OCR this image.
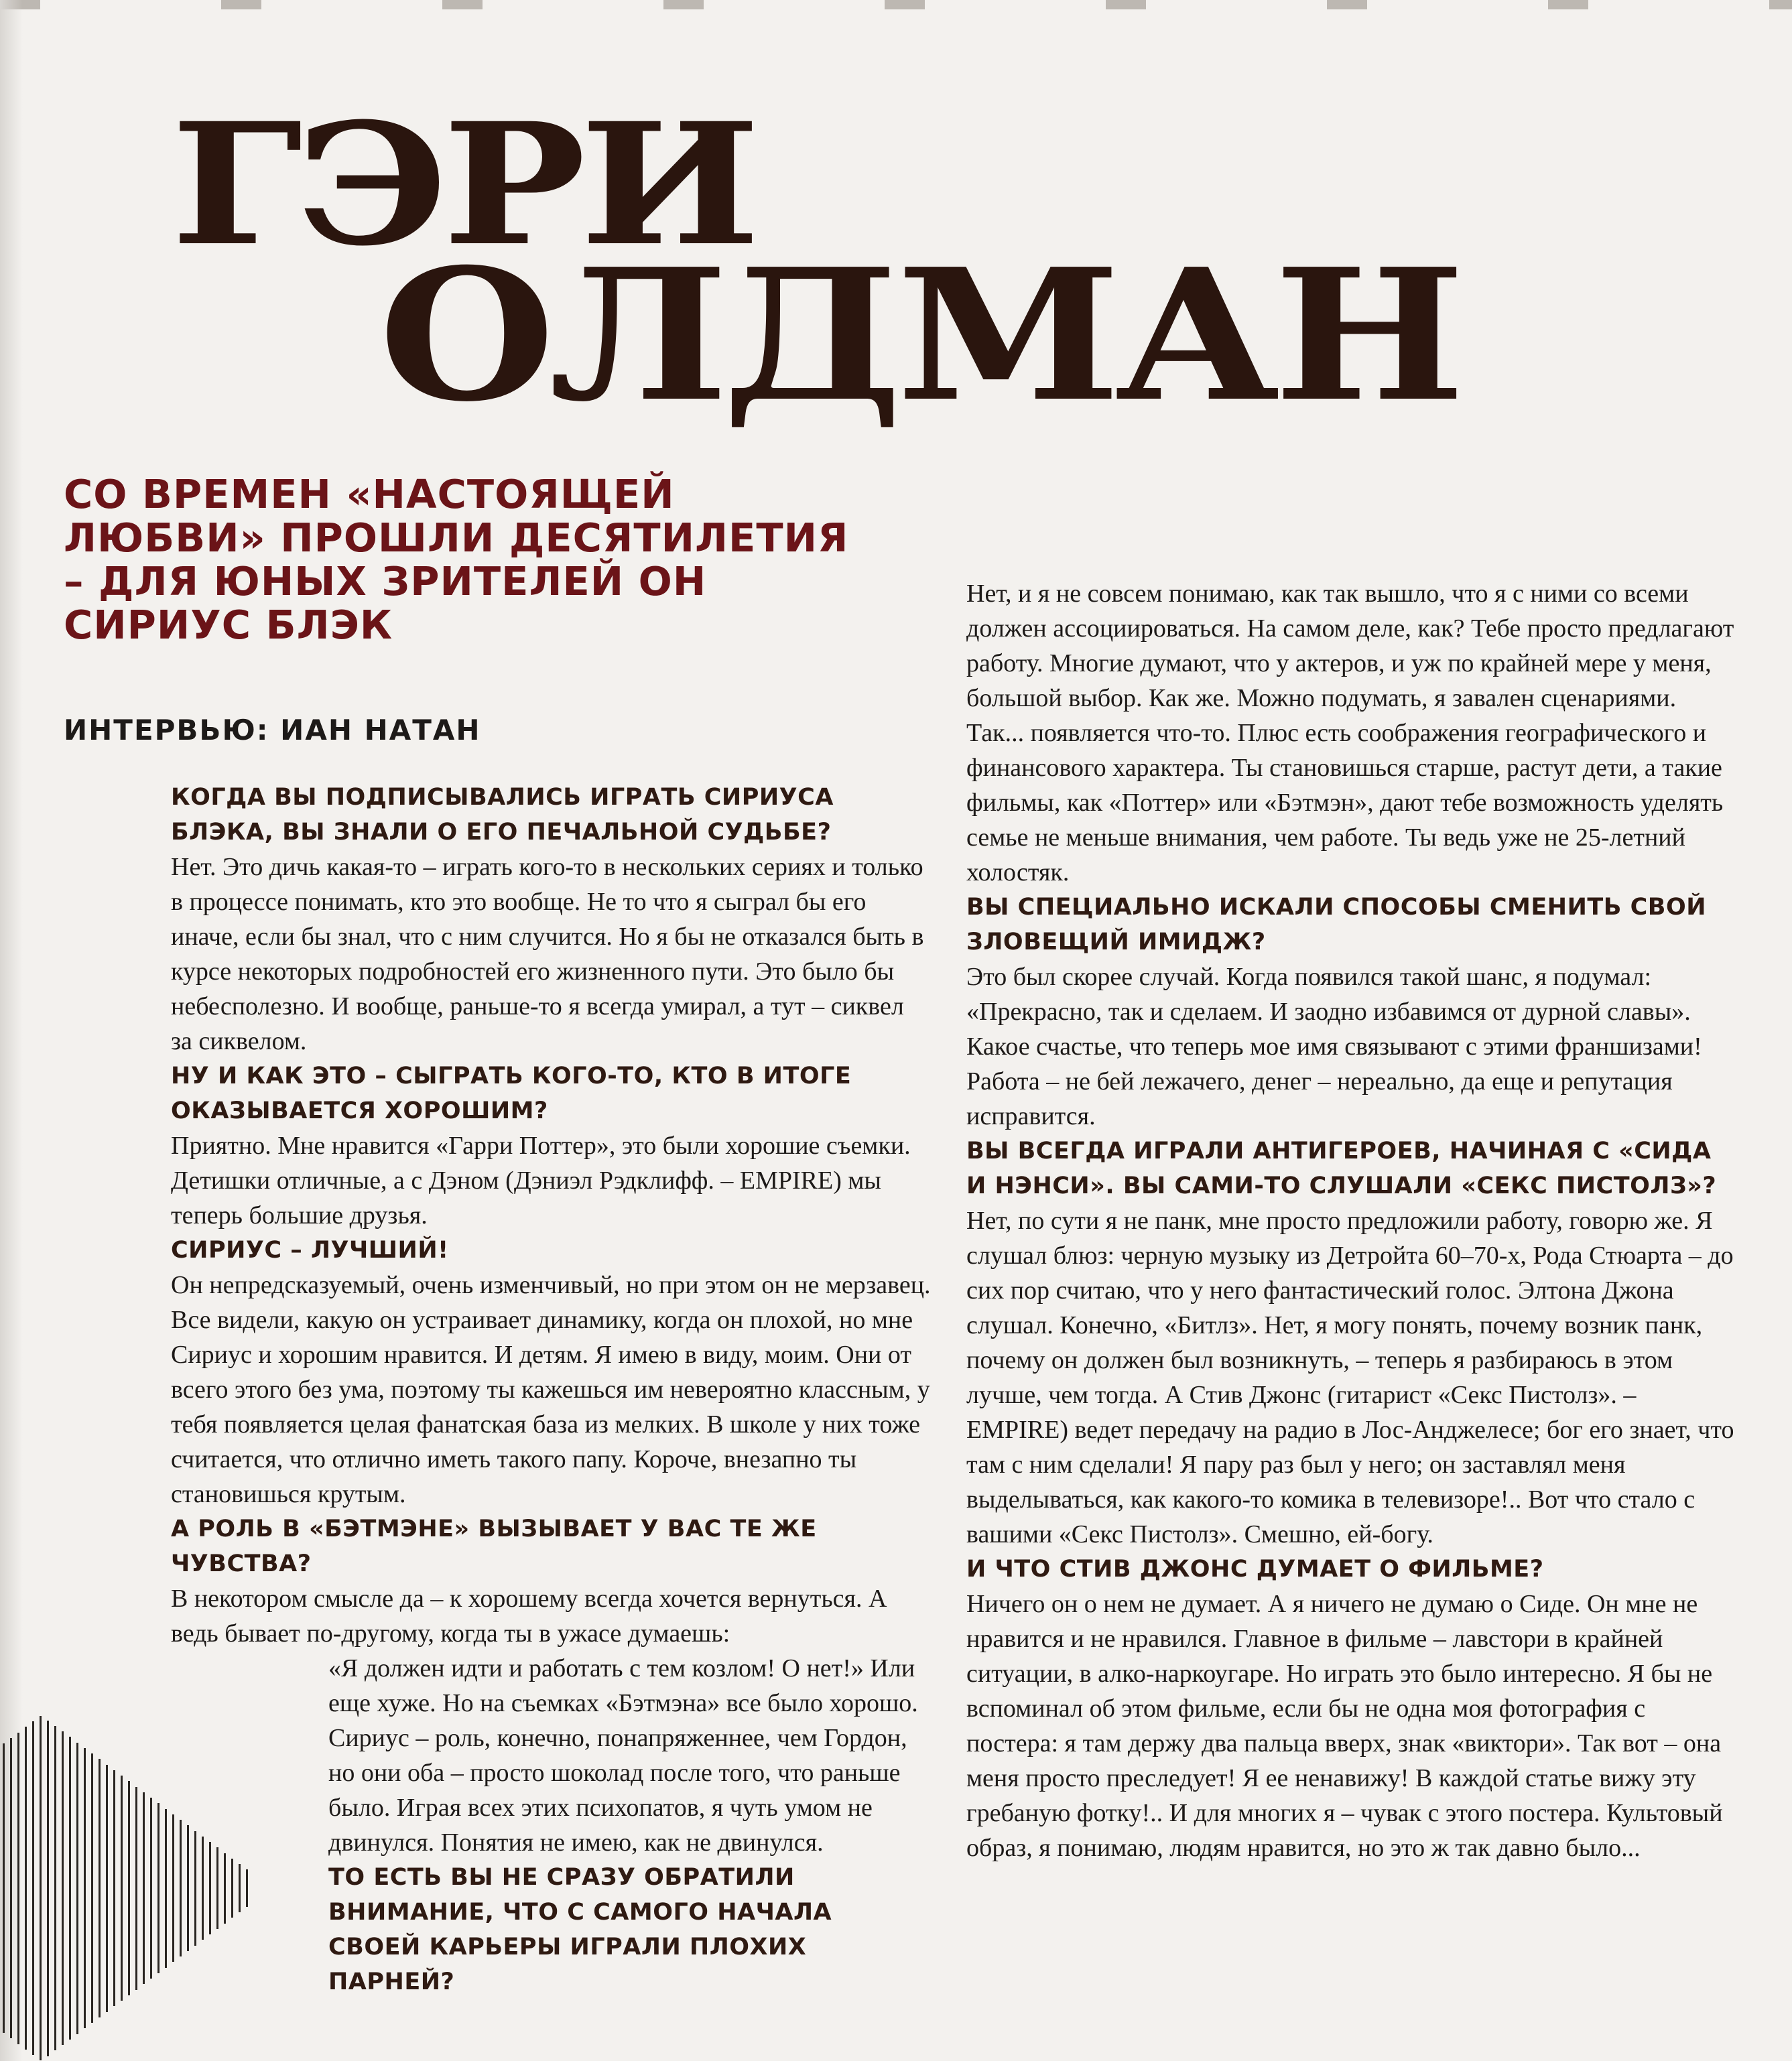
ГЭРИ
ОЛДМАН
СО ВРЕМЕН «НАСТОЯЩЕЙ ЛЮБВИ» ПРОШЛИ ДЕСЯТИЛЕТИЯ – ДЛЯ ЮНЫХ ЗРИТЕЛЕЙ ОН СИРИУС БЛЭК

ИНТЕРВЬЮ: ИАН НАТАН

КОГДА ВЫ ПОДПИСЫВАЛИСЬ ИГРАТЬ СИРИУСА БЛЭКА, ВЫ ЗНАЛИ О ЕГО ПЕЧАЛЬНОЙ СУДЬБЕ?

Нет. Это дичь какая-то – играть кого-то в нескольких сериях и только в процессе понимать, кто это вообще. Не то что я сыграл бы его иначе, если бы знал, что с ним случится. Но я бы не отказался быть в курсе некоторых подробностей его жизненного пути. Это было бы небесполезно. И вообще, раньше-то я всегда умирал, а тут – сиквел за сиквелом.

НУ И КАК ЭТО – СЫГРАТЬ КОГО-ТО, КТО В ИТОГЕ ОКАЗЫВАЕТСЯ ХОРОШИМ?

Приятно. Мне нравится «Гарри Поттер», это были хорошие съемки. Детишки отличные, а с Дэном (Дэниэл Рэдклифф. – EMPIRE) мы теперь большие друзья.

СИРИУС – ЛУЧШИЙ!

Он непредсказуемый, очень изменчивый, но при этом он не мерзавец. Все видели, какую он устраивает динамику, когда он плохой, но мне Сириус и хорошим нравится. И детям. Я имею в виду, моим. Они от всего этого без ума, поэтому ты кажешься им невероятно классным, у тебя появляется целая фанатская база из мелких. В школе у них тоже считается, что отлично иметь такого папу. Короче, внезапно ты становишься крутым.

А РОЛЬ В «БЭТМЭНЕ» ВЫЗЫВАЕТ У ВАС ТЕ ЖЕ ЧУВСТВА?

В некотором смысле да – к хорошему всегда хочется вернуться. А ведь бывает по-другому, когда ты в ужасе думаешь:

«Я должен идти и работать с тем козлом! О нет!» Или еще хуже. Но на съемках «Бэтмэна» все было хорошо. Сириус – роль, конечно, понапряженнее, чем Гордон, но они оба – просто шоколад после того, что раньше было. Играя всех этих психопатов, я чуть умом не двинулся. Понятия не имею, как не двинулся.

ТО ЕСТЬ ВЫ НЕ СРАЗУ ОБРАТИЛИ ВНИМАНИЕ, ЧТО С САМОГО НАЧАЛА СВОЕЙ КАРЬЕРЫ ИГРАЛИ ПЛОХИХ ПАРНЕЙ?

Нет, и я не совсем понимаю, как так вышло, что я с ними со всеми должен ассоциироваться. На самом деле, как? Тебе просто предлагают работу. Многие думают, что у актеров, и уж по крайней мере у меня, большой выбор. Как же. Можно подумать, я завален сценариями. Так... появляется что-то. Плюс есть соображения географического и финансового характера. Ты становишься старше, растут дети, а такие фильмы, как «Поттер» или «Бэтмэн», дают тебе возможность уделять семье не меньше внимания, чем работе. Ты ведь уже не 25-летний холостяк.

ВЫ СПЕЦИАЛЬНО ИСКАЛИ СПОСОБЫ СМЕНИТЬ СВОЙ ЗЛОВЕЩИЙ ИМИДЖ?

Это был скорее случай. Когда появился такой шанс, я подумал: «Прекрасно, так и сделаем. И заодно избавимся от дурной славы». Какое счастье, что теперь мое имя связывают с этими франшизами! Работа – не бей лежачего, денег – нереально, да еще и репутация исправится.

ВЫ ВСЕГДА ИГРАЛИ АНТИГЕРОЕВ, НАЧИНАЯ С «СИДА И НЭНСИ». ВЫ САМИ-ТО СЛУШАЛИ «СЕКС ПИСТОЛЗ»?

Нет, по сути я не панк, мне просто предложили работу, говорю же. Я слушал блюз: черную музыку из Детройта 60–70-х, Рода Стюарта – до сих пор считаю, что у него фантастический голос. Элтона Джона слушал. Конечно, «Битлз». Нет, я могу понять, почему возник панк, почему он должен был возникнуть, – теперь я разбираюсь в этом лучше, чем тогда. А Стив Джонс (гитарист «Секс Пистолз». – EMPIRE) ведет передачу на радио в Лос-Анджелесе; бог его знает, что там с ним сделали! Я пару раз был у него; он заставлял меня выделываться, как какого-то комика в телевизоре!.. Вот что стало с вашими «Секс Пистолз». Смешно, ей-богу.

И ЧТО СТИВ ДЖОНС ДУМАЕТ О ФИЛЬМЕ?

Ничего он о нем не думает. А я ничего не думаю о Сиде. Он мне не нравится и не нравился. Главное в фильме – лавстори в крайней ситуации, в алко-наркоугаре. Но играть это было интересно. Я бы не вспоминал об этом фильме, если бы не одна моя фотография с постера: я там держу два пальца вверх, знак «виктори». Так вот – она меня просто преследует! Я ее ненавижу! В каждой статье вижу эту гребаную фотку!.. И для многих я – чувак с этого постера. Культовый образ, я понимаю, людям нравится, но это ж так давно было...
